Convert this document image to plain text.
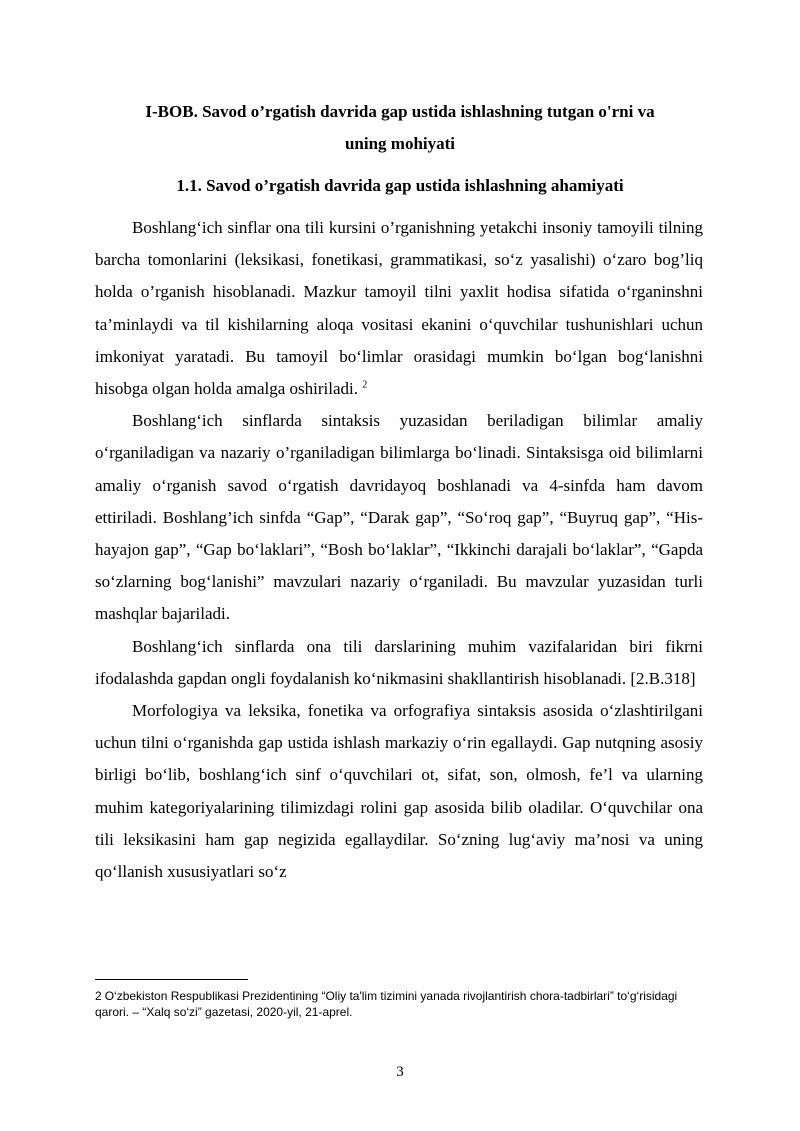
I-BOB. Savod o’rgatish davrida gap ustida ishlashning tutgan o'rni va
uning mohiyati
1.1. Savod o’rgatish davrida gap ustida ishlashning ahamiyati

Boshlang‘ich sinflar ona tili kursini o’rganishning yetakchi insoniy tamoyili tilning barcha tomonlarini (leksikasi, fonetikasi, grammatikasi, so‘z yasalishi) o‘zaro bog’liq holda o’rganish hisoblanadi. Mazkur tamoyil tilni yaxlit hodisa sifatida o‘rganinshni ta’minlaydi va til kishilarning aloqa vositasi ekanini o‘quvchilar tushunishlari uchun imkoniyat yaratadi. Bu tamoyil bo‘limlar orasidagi mumkin bo‘lgan bog‘lanishni hisobga olgan holda amalga oshiriladi. $^2$

Boshlang‘ich sinflarda sintaksis yuzasidan beriladigan bilimlar amaliy o‘rganiladigan va nazariy o’rganiladigan bilimlarga bo‘linadi. Sintaksisga oid bilimlarni amaliy o‘rganish savod o‘rgatish davridayoq boshlanadi va 4-sinfda ham davom ettiriladi. Boshlang’ich sinfda “Gap”, “Darak gap”, “So‘roq gap”, “Buyruq gap”, “His-hayajon gap”, “Gap bo‘laklari”, “Bosh bo‘laklar”, “Ikkinchi darajali bo‘laklar”, “Gapda so‘zlarning bog‘lanishi” mavzulari nazariy o‘rganiladi. Bu mavzular yuzasidan turli mashqlar bajariladi.

Boshlang‘ich sinflarda ona tili darslarining muhim vazifalaridan biri fikrni ifodalashda gapdan ongli foydalanish ko‘nikmasini shakllantirish hisoblanadi. [2.B.318]

Morfologiya va leksika, fonetika va orfografiya sintaksis asosida o‘zlashtirilgani uchun tilni o‘rganishda gap ustida ishlash markaziy o‘rin egallaydi. Gap nutqning asosiy birligi bo‘lib, boshlang‘ich sinf o‘quvchilari ot, sifat, son, olmosh, fe’l va ularning muhim kategoriyalarining tilimizdagi rolini gap asosida bilib oladilar. O‘quvchilar ona tili leksikasini ham gap negizida egallaydilar. So‘zning lug‘aviy ma’nosi va uning qo‘llanish xususiyatlari so‘z

2 O‘zbekiston Respublikasi Prezidentining “Oliy ta'lim tizimini yanada rivojlantirish chora-tadbirlari” to‘g‘risidagi qarori. – “Xalq so‘zi” gazetasi, 2020-yil, 21-aprel.

3
